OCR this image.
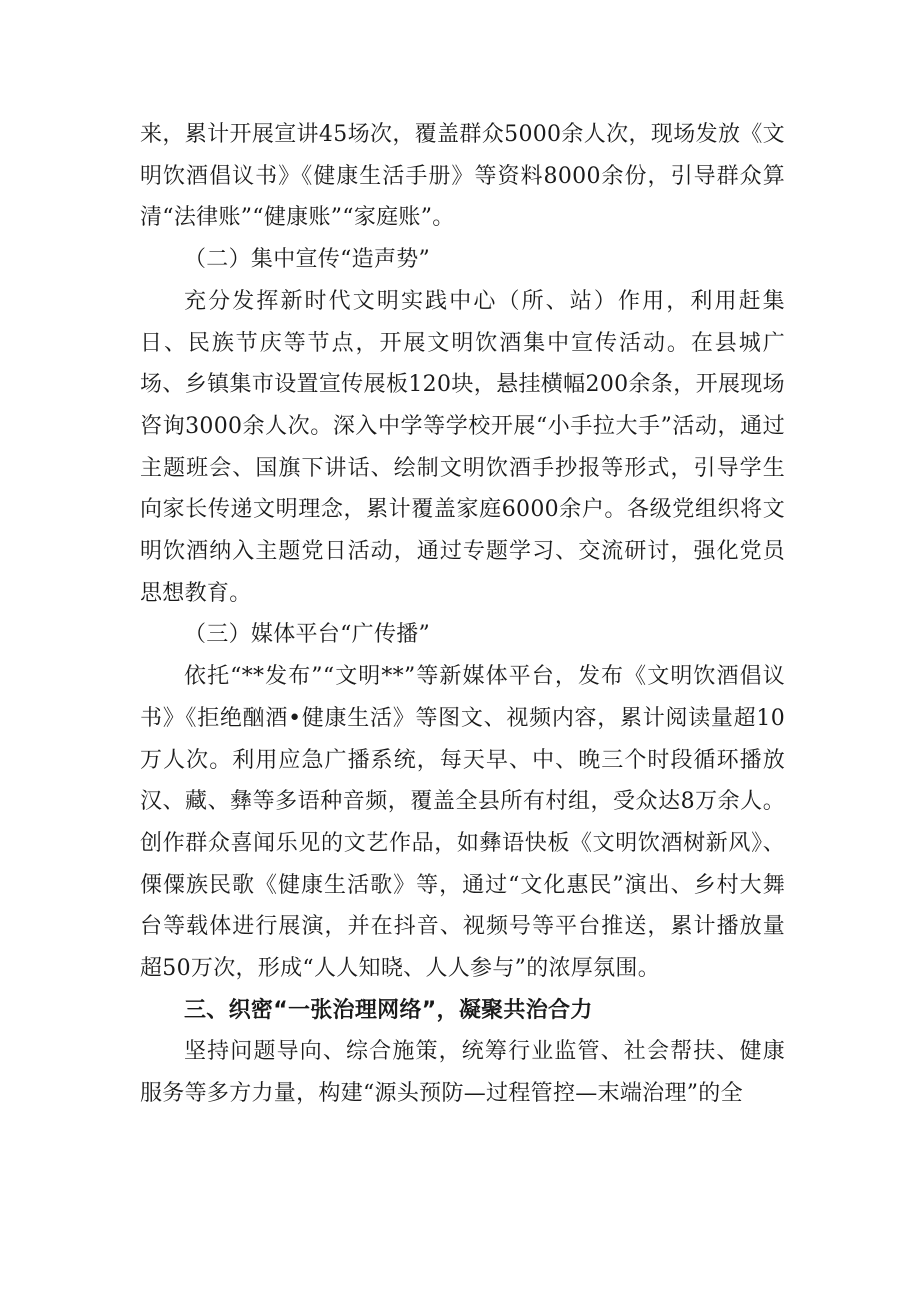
来，累计开展宣讲45场次，覆盖群众5000余人次，现场发放《文明饮酒倡议书》《健康生活手册》等资料8000余份，引导群众算清“法律账”“健康账”“家庭账”。

（二）集中宣传“造声势”

充分发挥新时代文明实践中心（所、站）作用，利用赶集日、民族节庆等节点，开展文明饮酒集中宣传活动。在县城广场、乡镇集市设置宣传展板120块，悬挂横幅200余条，开展现场咨询3000余人次。深入中学等学校开展“小手拉大手”活动，通过主题班会、国旗下讲话、绘制文明饮酒手抄报等形式，引导学生向家长传递文明理念，累计覆盖家庭6000余户。各级党组织将文明饮酒纳入主题党日活动，通过专题学习、交流研讨，强化党员思想教育。

（三）媒体平台“广传播”

依托“**发布”“文明**”等新媒体平台，发布《文明饮酒倡议书》《拒绝酗酒•健康生活》等图文、视频内容，累计阅读量超10万人次。利用应急广播系统，每天早、中、晚三个时段循环播放汉、藏、彝等多语种音频，覆盖全县所有村组，受众达8万余人。创作群众喜闻乐见的文艺作品，如彝语快板《文明饮酒树新风》、傈僳族民歌《健康生活歌》等，通过“文化惠民”演出、乡村大舞台等载体进行展演，并在抖音、视频号等平台推送，累计播放量超50万次，形成“人人知晓、人人参与”的浓厚氛围。

三、织密“一张治理网络”，凝聚共治合力

坚持问题导向、综合施策，统筹行业监管、社会帮扶、健康服务等多方力量，构建“源头预防—过程管控—末端治理”的全
